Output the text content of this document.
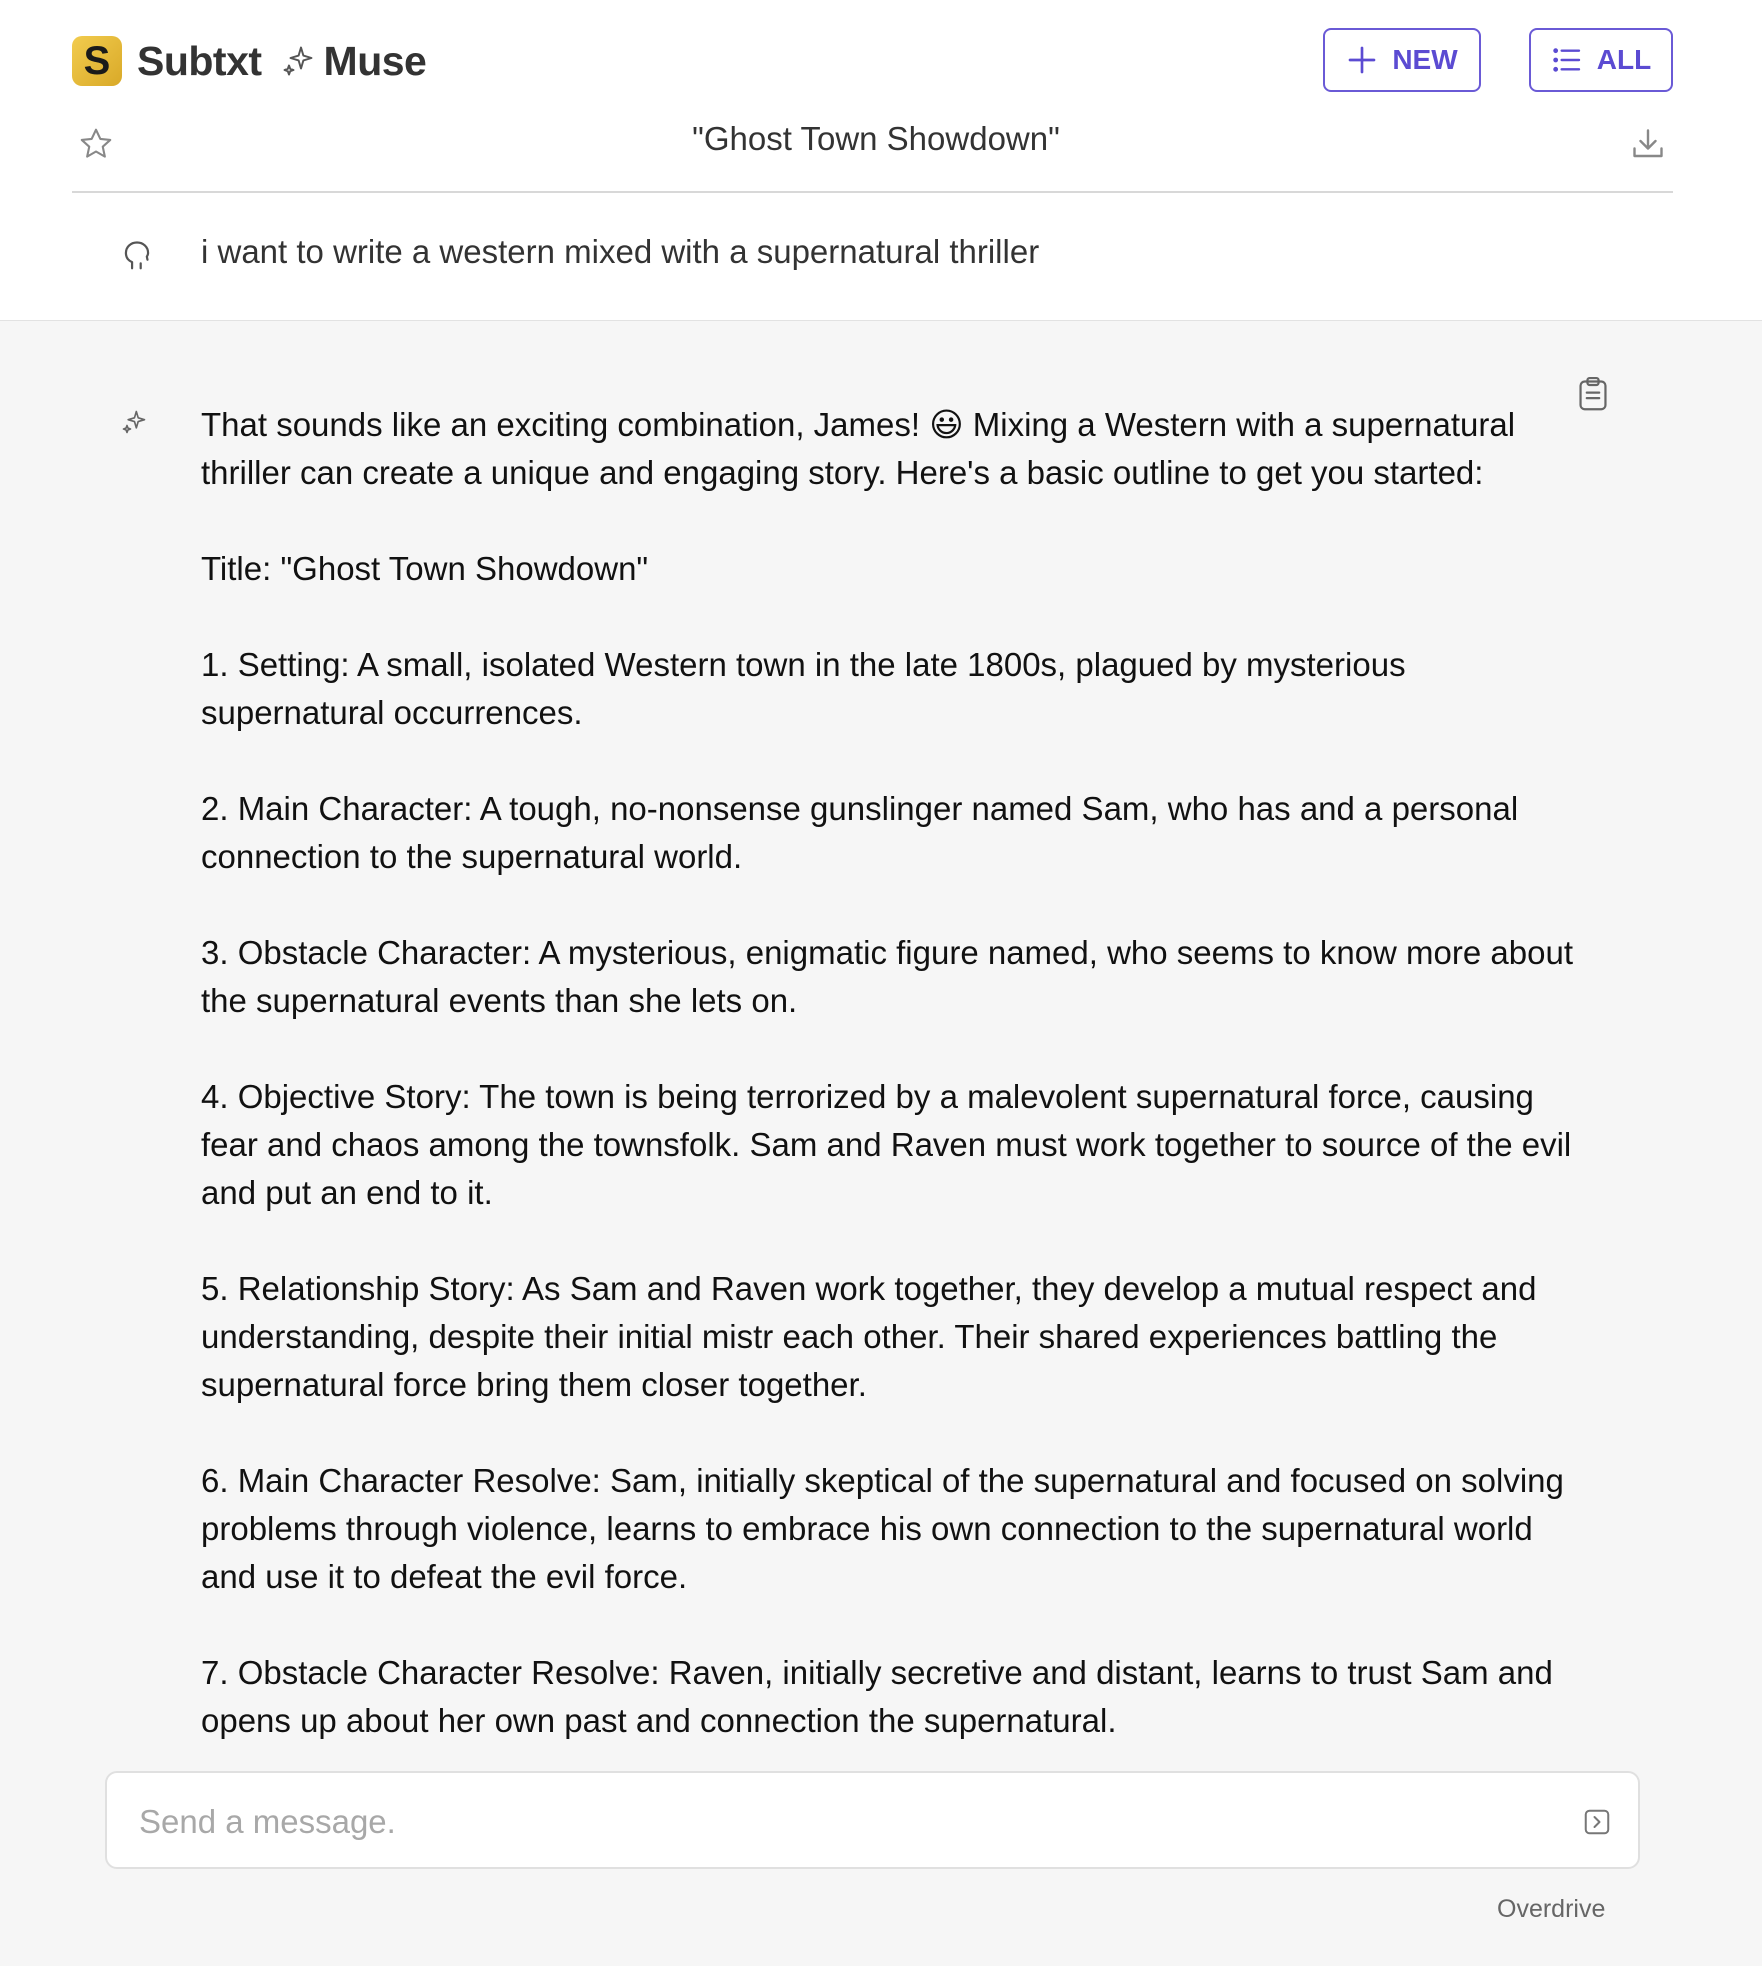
S Subtxt Muse	NEW	ALL
"Ghost Town Showdown"
i want to write a western mixed with a supernatural thriller

That sounds like an exciting combination, James! 😃 Mixing a Western with a supernatural thriller can create a unique and engaging story. Here's a basic outline to get you started:

Title: "Ghost Town Showdown"

1. Setting: A small, isolated Western town in the late 1800s, plagued by mysterious supernatural occurrences.

2. Main Character: A tough, no-nonsense gunslinger named Sam, who has and a personal connection to the supernatural world.

3. Obstacle Character: A mysterious, enigmatic figure named, who seems to know more about the supernatural events than she lets on.

4. Objective Story: The town is being terrorized by a malevolent supernatural force, causing fear and chaos among the townsfolk. Sam and Raven must work together to source of the evil and put an end to it.

5. Relationship Story: As Sam and Raven work together, they develop a mutual respect and understanding, despite their initial mistr each other. Their shared experiences battling the supernatural force bring them closer together.

6. Main Character Resolve: Sam, initially skeptical of the supernatural and focused on solving problems through violence, learns to embrace his own connection to the supernatural world and use it to defeat the evil force.

7. Obstacle Character Resolve: Raven, initially secretive and distant, learns to trust Sam and opens up about her own past and connection the supernatural.

Send a message.
Overdrive
